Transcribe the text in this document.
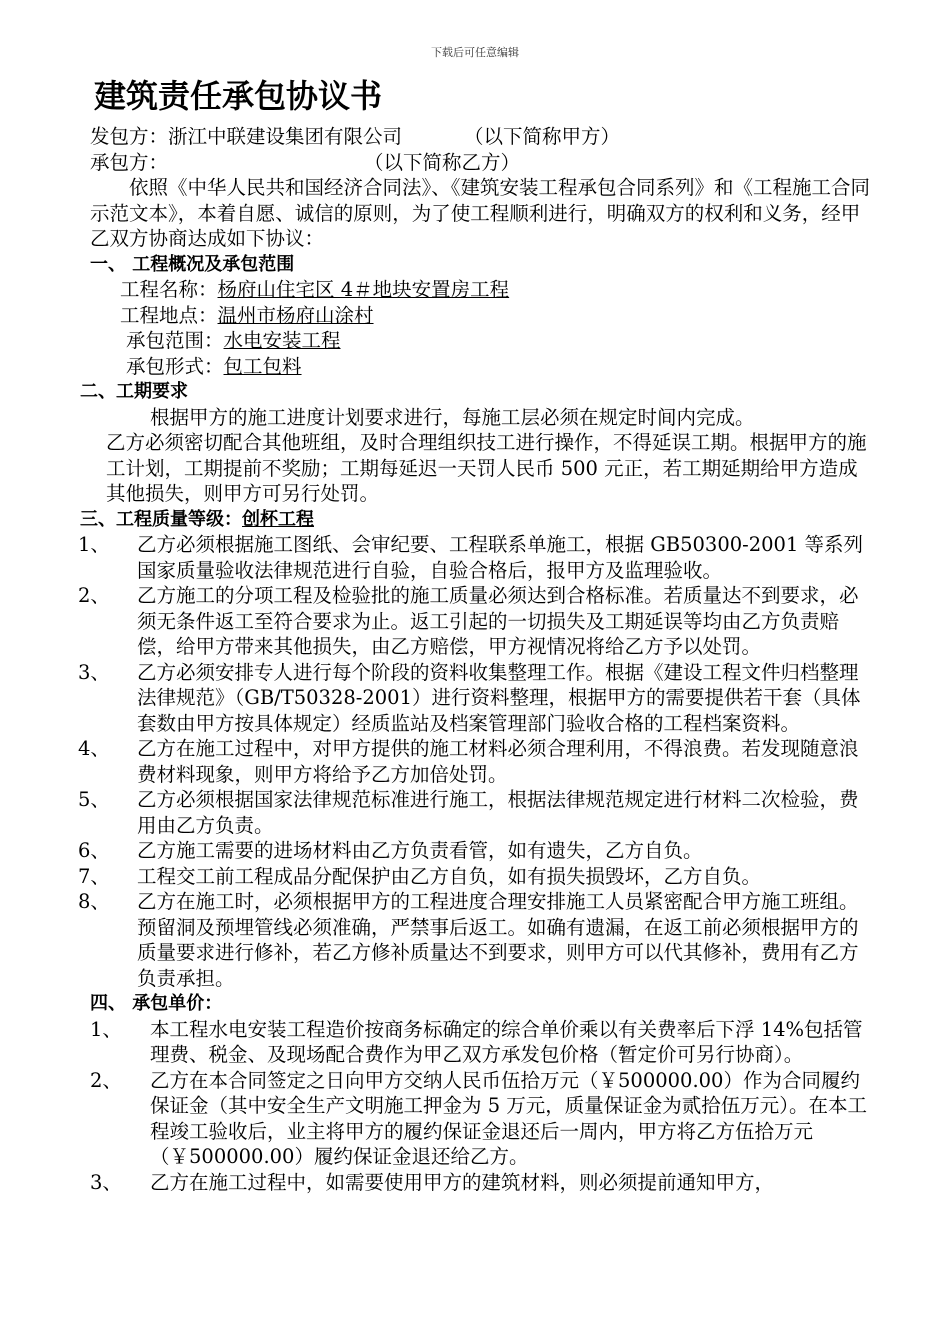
下载后可任意编辑
建筑责任承包协议书
发包方：浙江中联建设集团有限公司	（以下简称甲方）
承包方：	（以下简称乙方）
依照《中华人民共和国经济合同法》、《建筑安装工程承包合同系列》和《工程施工合同示范文本》，本着自愿、诚信的原则，为了使工程顺利进行，明确双方的权利和义务，经甲乙双方协商达成如下协议：
一、 工程概况及承包范围
工程名称：杨府山住宅区 4＃地块安置房工程
工程地点：温州市杨府山涂村
承包范围：水电安装工程
承包形式：包工包料
二、工期要求
根据甲方的施工进度计划要求进行，每施工层必须在规定时间内完成。
乙方必须密切配合其他班组，及时合理组织技工进行操作，不得延误工期。根据甲方的施工计划，工期提前不奖励；工期每延迟一天罚人民币 500 元正，若工期延期给甲方造成其他损失，则甲方可另行处罚。
三、工程质量等级：创杯工程
1、 乙方必须根据施工图纸、会审纪要、工程联系单施工，根据 GB50300-2001 等系列国家质量验收法律规范进行自验，自验合格后，报甲方及监理验收。
2、 乙方施工的分项工程及检验批的施工质量必须达到合格标准。若质量达不到要求，必须无条件返工至符合要求为止。返工引起的一切损失及工期延误等均由乙方负责赔偿，给甲方带来其他损失，由乙方赔偿，甲方视情况将给乙方予以处罚。
3、 乙方必须安排专人进行每个阶段的资料收集整理工作。根据《建设工程文件归档整理法律规范》（GB/T50328-2001）进行资料整理，根据甲方的需要提供若干套（具体套数由甲方按具体规定）经质监站及档案管理部门验收合格的工程档案资料。
4、 乙方在施工过程中，对甲方提供的施工材料必须合理利用，不得浪费。若发现随意浪费材料现象，则甲方将给予乙方加倍处罚。
5、 乙方必须根据国家法律规范标准进行施工，根据法律规范规定进行材料二次检验，费用由乙方负责。
6、 乙方施工需要的进场材料由乙方负责看管，如有遗失，乙方自负。
7、 工程交工前工程成品分配保护由乙方自负，如有损失损毁坏，乙方自负。
8、 乙方在施工时，必须根据甲方的工程进度合理安排施工人员紧密配合甲方施工班组。预留洞及预埋管线必须准确，严禁事后返工。如确有遗漏，在返工前必须根据甲方的质量要求进行修补，若乙方修补质量达不到要求，则甲方可以代其修补，费用有乙方负责承担。
四、 承包单价：
1、 本工程水电安装工程造价按商务标确定的综合单价乘以有关费率后下浮 14%包括管理费、税金、及现场配合费作为甲乙双方承发包价格（暂定价可另行协商）。
2、 乙方在本合同签定之日向甲方交纳人民币伍拾万元（￥500000.00）作为合同履约保证金（其中安全生产文明施工押金为 5 万元，质量保证金为贰拾伍万元）。在本工程竣工验收后，业主将甲方的履约保证金退还后一周内，甲方将乙方伍拾万元（￥500000.00）履约保证金退还给乙方。
3、 乙方在施工过程中，如需要使用甲方的建筑材料，则必须提前通知甲方，
